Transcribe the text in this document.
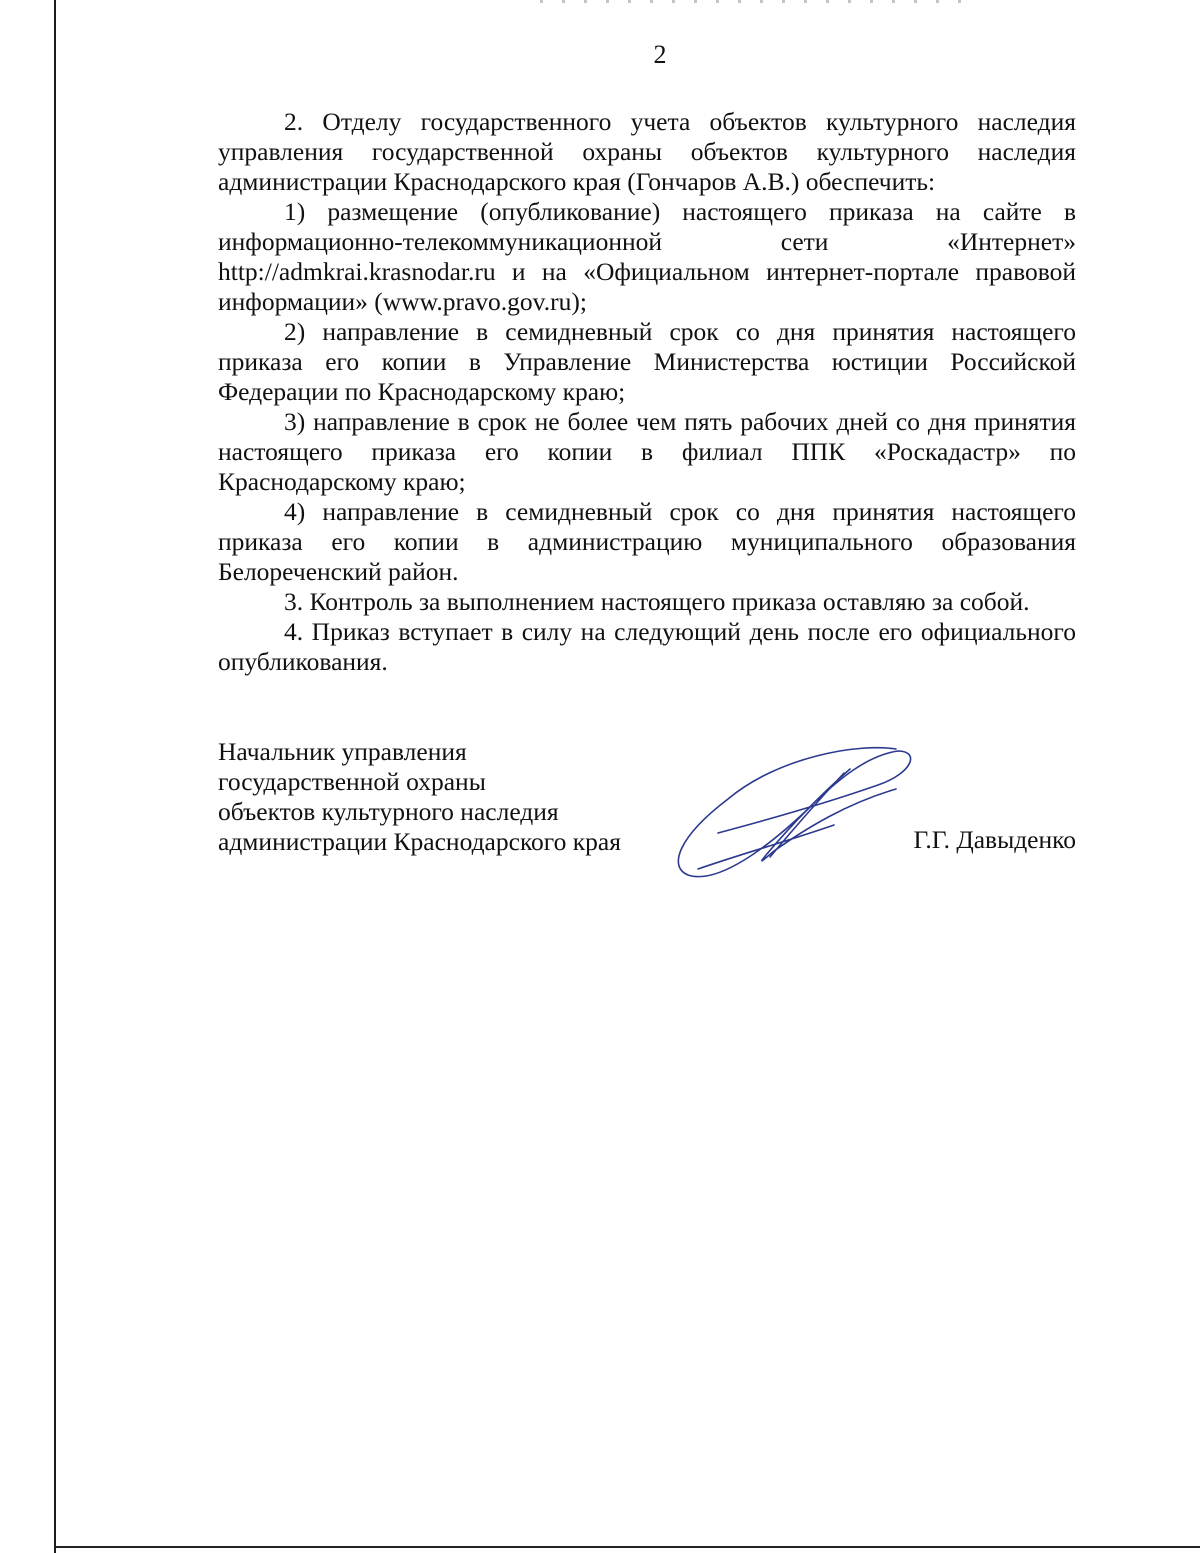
2

2. Отделу государственного учета объектов культурного наследия управления государственной охраны объектов культурного наследия администрации Краснодарского края (Гончаров А.В.) обеспечить:

1) размещение (опубликование) настоящего приказа на сайте в информационно-телекоммуникационной сети «Интернет» http://admkrai.krasnodar.ru и на «Официальном интернет-портале правовой информации» (www.pravo.gov.ru);

2) направление в семидневный срок со дня принятия настоящего приказа его копии в Управление Министерства юстиции Российской Федерации по Краснодарскому краю;

3) направление в срок не более чем пять рабочих дней со дня принятия настоящего приказа его копии в филиал ППК «Роскадастр» по Краснодарскому краю;

4) направление в семидневный срок со дня принятия настоящего приказа его копии в администрацию муниципального образования Белореченский район.

3. Контроль за выполнением настоящего приказа оставляю за собой.

4. Приказ вступает в силу на следующий день после его официального опубликования.

Начальник управления
государственной охраны
объектов культурного наследия
администрации Краснодарского края	Г.Г. Давыденко
